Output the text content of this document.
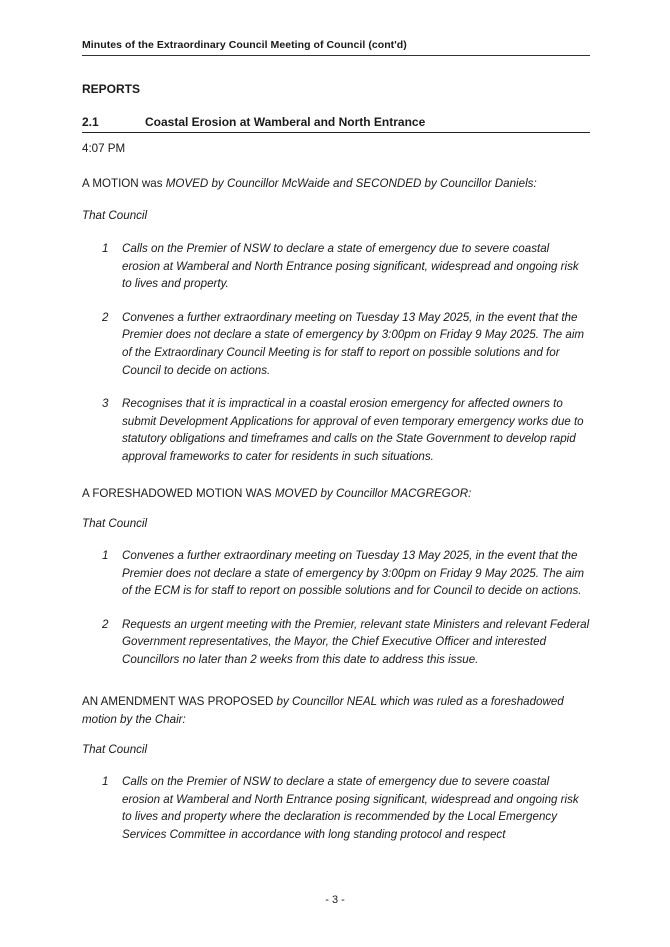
Minutes of the Extraordinary Council Meeting of Council (cont'd)
REPORTS
2.1	Coastal Erosion at Wamberal and North Entrance
4:07 PM
A MOTION was MOVED by Councillor McWaide and SECONDED by Councillor Daniels:
That Council
1 Calls on the Premier of NSW to declare a state of emergency due to severe coastal erosion at Wamberal and North Entrance posing significant, widespread and ongoing risk to lives and property.
2 Convenes a further extraordinary meeting on Tuesday 13 May 2025, in the event that the Premier does not declare a state of emergency by 3:00pm on Friday 9 May 2025. The aim of the Extraordinary Council Meeting is for staff to report on possible solutions and for Council to decide on actions.
3 Recognises that it is impractical in a coastal erosion emergency for affected owners to submit Development Applications for approval of even temporary emergency works due to statutory obligations and timeframes and calls on the State Government to develop rapid approval frameworks to cater for residents in such situations.
A FORESHADOWED MOTION WAS MOVED by Councillor MACGREGOR:
That Council
1 Convenes a further extraordinary meeting on Tuesday 13 May 2025, in the event that the Premier does not declare a state of emergency by 3:00pm on Friday 9 May 2025. The aim of the ECM is for staff to report on possible solutions and for Council to decide on actions.
2 Requests an urgent meeting with the Premier, relevant state Ministers and relevant Federal Government representatives, the Mayor, the Chief Executive Officer and interested Councillors no later than 2 weeks from this date to address this issue.
AN AMENDMENT WAS PROPOSED by Councillor NEAL which was ruled as a foreshadowed motion by the Chair:
That Council
1 Calls on the Premier of NSW to declare a state of emergency due to severe coastal erosion at Wamberal and North Entrance posing significant, widespread and ongoing risk to lives and property where the declaration is recommended by the Local Emergency Services Committee in accordance with long standing protocol and respect
- 3 -
